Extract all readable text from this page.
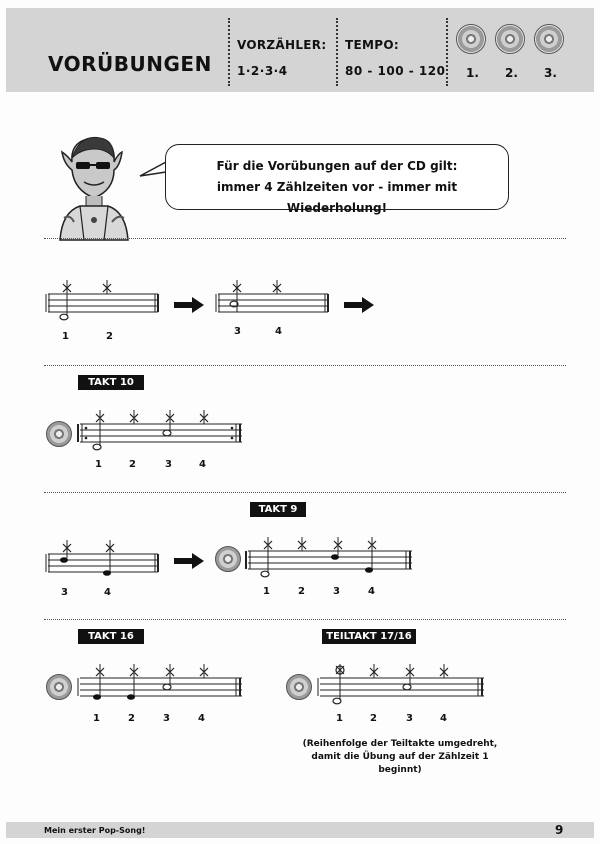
VORÜBUNGEN
VORZÄHLER:
1·2·3·4
TEMPO:
80 - 100 - 120 1. 2. 3.
Für die Vorübungen auf der CD gilt:
immer 4 Zählzeiten vor - immer mit Wiederholung!
1	2	3	4
TAKT 10
1	2	3	4
TAKT 9
3	4	1	2	3	4
TAKT 16
1	2	3	4
TEILTAKT 17/16
1	2	3	4
(Reihenfolge der Teiltakte umgedreht,
damit die Übung auf der Zählzeit 1 beginnt)
Mein erster Pop-Song!	9
